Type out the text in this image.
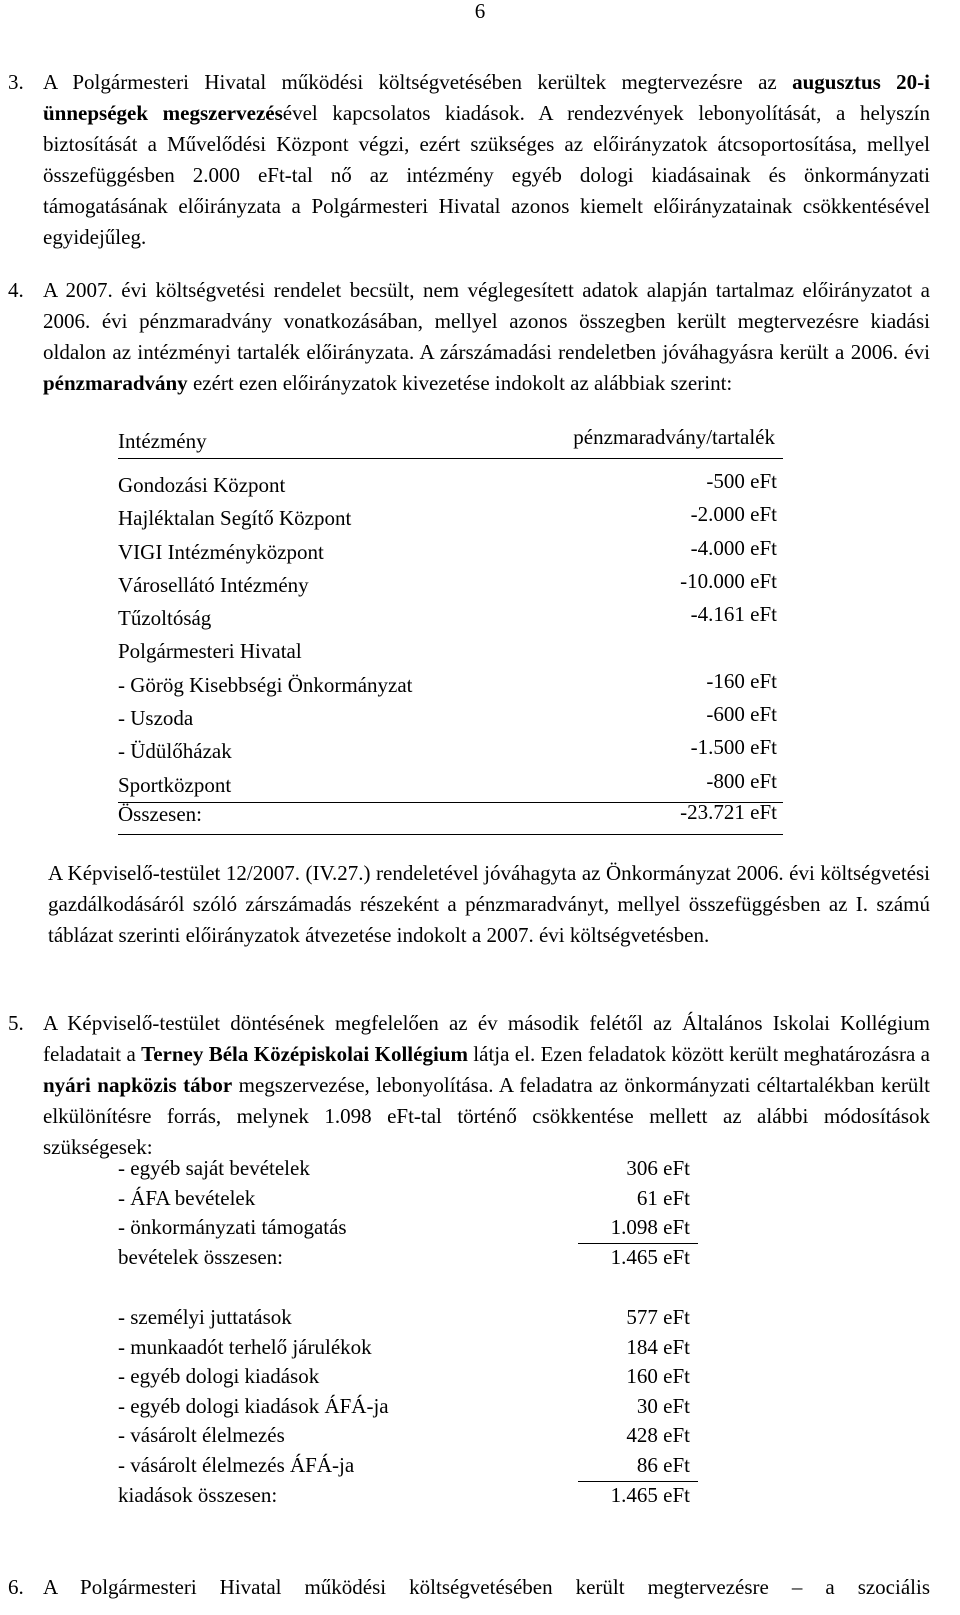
6
3. A Polgármesteri Hivatal működési költségvetésében kerültek megtervezésre az augusztus 20-i ünnepségek megszervezésével kapcsolatos kiadások. A rendezvények lebonyolítását, a helyszín biztosítását a Művelődési Központ végzi, ezért szükséges az előirányzatok átcsoportosítása, mellyel összefüggésben 2.000 eFt-tal nő az intézmény egyéb dologi kiadásainak és önkormányzati támogatásának előirányzata a Polgármesteri Hivatal azonos kiemelt előirányzatainak csökkentésével egyidejűleg.

4. A 2007. évi költségvetési rendelet becsült, nem véglegesített adatok alapján tartalmaz előirányzatot a 2006. évi pénzmaradvány vonatkozásában, mellyel azonos összegben került megtervezésre kiadási oldalon az intézményi tartalék előirányzata. A zárszámadási rendeletben jóváhagyásra került a 2006. évi pénzmaradvány ezért ezen előirányzatok kivezetése indokolt az alábbiak szerint:

Intézmény	pénzmaradvány/tartalék
Gondozási Központ	-500 eFt
Hajléktalan Segítő Központ	-2.000 eFt
VIGI Intézményközpont	-4.000 eFt
Városellátó Intézmény	-10.000 eFt
Tűzoltóság	-4.161 eFt
Polgármesteri Hivatal
- Görög Kisebbségi Önkormányzat	-160 eFt
- Uszoda	-600 eFt
- Üdülőházak	-1.500 eFt
Sportközpont	-800 eFt
Összesen:	-23.721 eFt

A Képviselő-testület 12/2007. (IV.27.) rendeletével jóváhagyta az Önkormányzat 2006. évi költségvetési gazdálkodásáról szóló zárszámadás részeként a pénzmaradványt, mellyel összefüggésben az I. számú táblázat szerinti előirányzatok átvezetése indokolt a 2007. évi költségvetésben.

5. A Képviselő-testület döntésének megfelelően az év második felétől az Általános Iskolai Kollégium feladatait a Terney Béla Középiskolai Kollégium látja el. Ezen feladatok között került meghatározásra a nyári napközis tábor megszervezése, lebonyolítása. A feladatra az önkormányzati céltartalékban került elkülönítésre forrás, melynek 1.098 eFt-tal történő csökkentése mellett az alábbi módosítások szükségesek:

- egyéb saját bevételek	306 eFt
- ÁFA bevételek	61 eFt
- önkormányzati támogatás	1.098 eFt
bevételek összesen:	1.465 eFt
- személyi juttatások	577 eFt
- munkaadót terhelő járulékok	184 eFt
- egyéb dologi kiadások	160 eFt
- egyéb dologi kiadások ÁFÁ-ja	30 eFt
- vásárolt élelmezés	428 eFt
- vásárolt élelmezés ÁFÁ-ja	86 eFt
kiadások összesen:	1.465 eFt
6. A Polgármesteri Hivatal működési költségvetésében került megtervezésre – a szociális
